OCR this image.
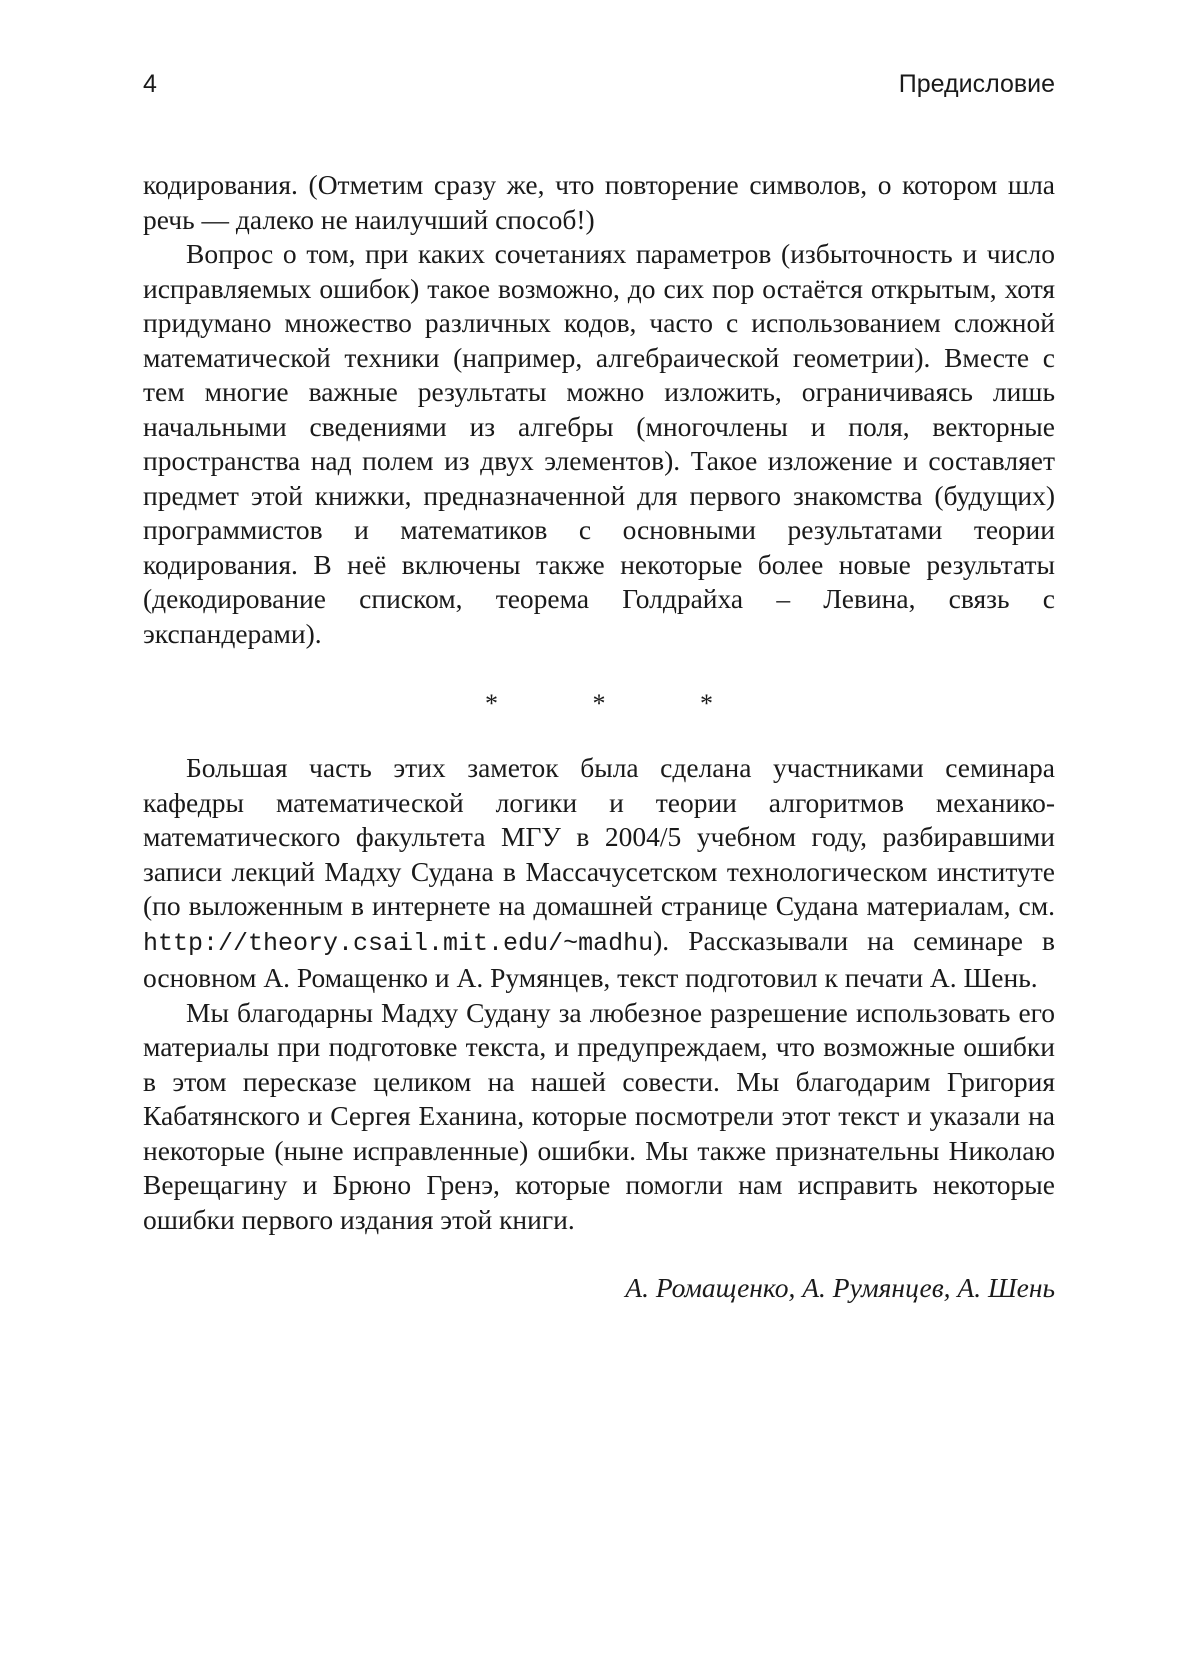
4	Предисловие

кодирования. (Отметим сразу же, что повторение символов, о котором шла речь — далеко не наилучший способ!)

Вопрос о том, при каких сочетаниях параметров (избыточность и число исправляемых ошибок) такое возможно, до сих пор остаётся открытым, хотя придумано множество различных кодов, часто с использованием сложной математической техники (например, алгебраической геометрии). Вместе с тем многие важные результаты можно изложить, ограничиваясь лишь начальными сведениями из алгебры (многочлены и поля, векторные пространства над полем из двух элементов). Такое изложение и составляет предмет этой книжки, предназначенной для первого знакомства (будущих) программистов и математиков с основными результатами теории кодирования. В неё включены также некоторые более новые результаты (декодирование списком, теорема Голдрайха – Левина, связь с экспандерами).

* * *

Большая часть этих заметок была сделана участниками семинара кафедры математической логики и теории алгоритмов механико-математического факультета МГУ в 2004/5 учебном году, разбиравшими записи лекций Мадху Судана в Массачусетском технологическом институте (по выложенным в интернете на домашней странице Судана материалам, см. http://theory.csail.mit.edu/~madhu). Рассказывали на семинаре в основном А. Ромащенко и А. Румянцев, текст подготовил к печати А. Шень.

Мы благодарны Мадху Судану за любезное разрешение использовать его материалы при подготовке текста, и предупреждаем, что возможные ошибки в этом пересказе целиком на нашей совести. Мы благодарим Григория Кабатянского и Сергея Еханина, которые посмотрели этот текст и указали на некоторые (ныне исправленные) ошибки. Мы также признательны Николаю Верещагину и Брюно Гренэ, которые помогли нам исправить некоторые ошибки первого издания этой книги.

А. Ромащенко, А. Румянцев, А. Шень
